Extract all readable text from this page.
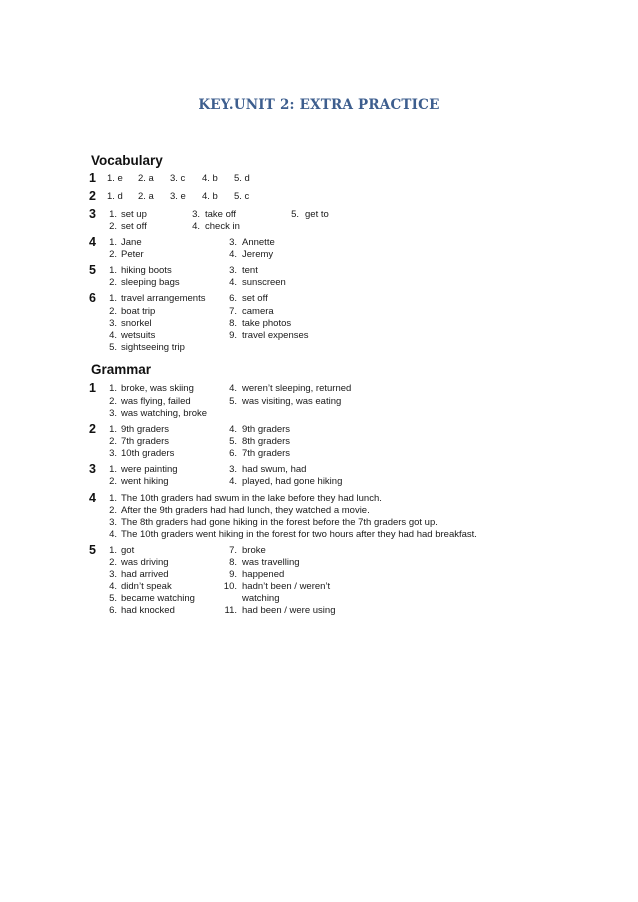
KEY.UNIT 2: EXTRA PRACTICE
Vocabulary
1 1. e 2. a 3. c 4. b 5. d
2 1. d 2. a 3. e 4. b 5. c
3	1. set up
2. set off
3. take off
4. check in
5. get to
4	1. Jane
2. Peter
3. Annette
4. Jeremy
5	1. hiking boots
2. sleeping bags
3. tent
4. sunscreen
6	1. travel arrangements
2. boat trip
3. snorkel
4. wetsuits
5. sightseeing trip
6. set off
7. camera
8. take photos
9. travel expenses
Grammar
1	1. broke, was skiing
2. was flying, failed
3. was watching, broke
4. weren’t sleeping, returned
5. was visiting, was eating
2	1. 9th graders
2. 7th graders
3. 10th graders
4. 9th graders
5. 8th graders
6. 7th graders
3	1. were painting
2. went hiking
3. had swum, had
4. played, had gone hiking
4	1. The 10th graders had swum in the lake before they had lunch.
2. After the 9th graders had had lunch, they watched a movie.
3. The 8th graders had gone hiking in the forest before the 7th graders got up.
4. The 10th graders went hiking in the forest for two hours after they had had breakfast.
5	1. got
2. was driving
3. had arrived
4. didn’t speak
5. became watching
6. had knocked
7. broke
8. was travelling
9. happened
10. hadn’t been / weren’t
watching
11. had been / were using
